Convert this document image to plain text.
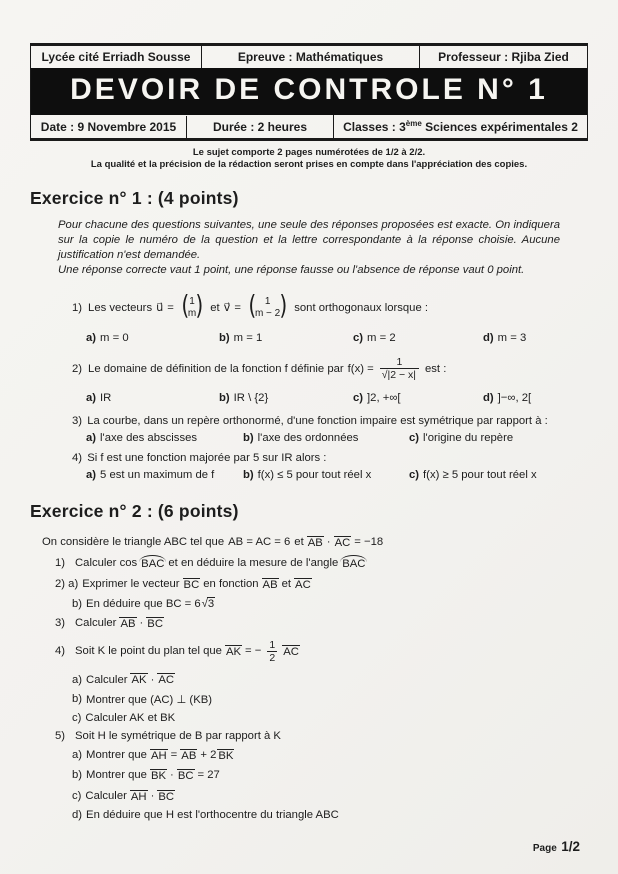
Lycée cité Erriadh Sousse	Epreuve : Mathématiques	Professeur : Rjiba Zied
DEVOIR DE CONTROLE N° 1
Date : 9 Novembre 2015	Durée : 2 heures	Classes : 3ème Sciences expérimentales 2
Le sujet comporte 2 pages numérotées de 1/2 à 2/2.
La qualité et la précision de la rédaction seront prises en compte dans l'appréciation des copies.
Exercice n° 1 : (4 points)
Pour chacune des questions suivantes, une seule des réponses proposées est exacte. On indiquera sur la copie le numéro de la question et la lettre correspondante à la réponse choisie. Aucune justification n'est demandée.
Une réponse correcte vaut 1 point, une réponse fausse ou l'absence de réponse vaut 0 point.
1) Les vecteurs u⃗ =
( 1
m
) et v⃗ =
( 1
m − 2
) sont orthogonaux lorsque :
a) m = 0	b) m = 1	c) m = 2	d) m = 3
2) Le domaine de définition de la fonction f définie par $f(x) = \frac{1}{√|2 - x|}$ est :
a) IR	b) IR \ {2}	c) ]2, +∞[	d) ]−∞, 2[
3) La courbe, dans un repère orthonormé, d'une fonction impaire est symétrique par rapport à :
a) l'axe des abscisses	b) l'axe des ordonnées	c) l'origine du repère
4) Si f est une fonction majorée par 5 sur IR alors :
a) 5 est un maximum de f	b) f(x) ≤ 5 pour tout réel x	c) f(x) ≥ 5 pour tout réel x
Exercice n° 2 : (6 points)
On considère le triangle ABC tel que AB = AC = 6 et AB · AC = −18
1) Calculer cos BAC et en déduire la mesure de l'angle BAC
2) a) Exprimer le vecteur BC en fonction AB et AC
b) En déduire que BC = 6 √ 3
3) Calculer AB · BC
4) Soit K le point du plan tel que AK = − $\frac{1}{2}$ AC
a) Calculer AK · AC
b) Montrer que (AC) ⊥ (KB)
c) Calculer AK et BK
5) Soit H le symétrique de B par rapport à K
a) Montrer que AH = AB + 2 BK
b) Montrer que BK · BC = 27
c) Calculer AH · BC
d) En déduire que H est l'orthocentre du triangle ABC
Page 1/2
